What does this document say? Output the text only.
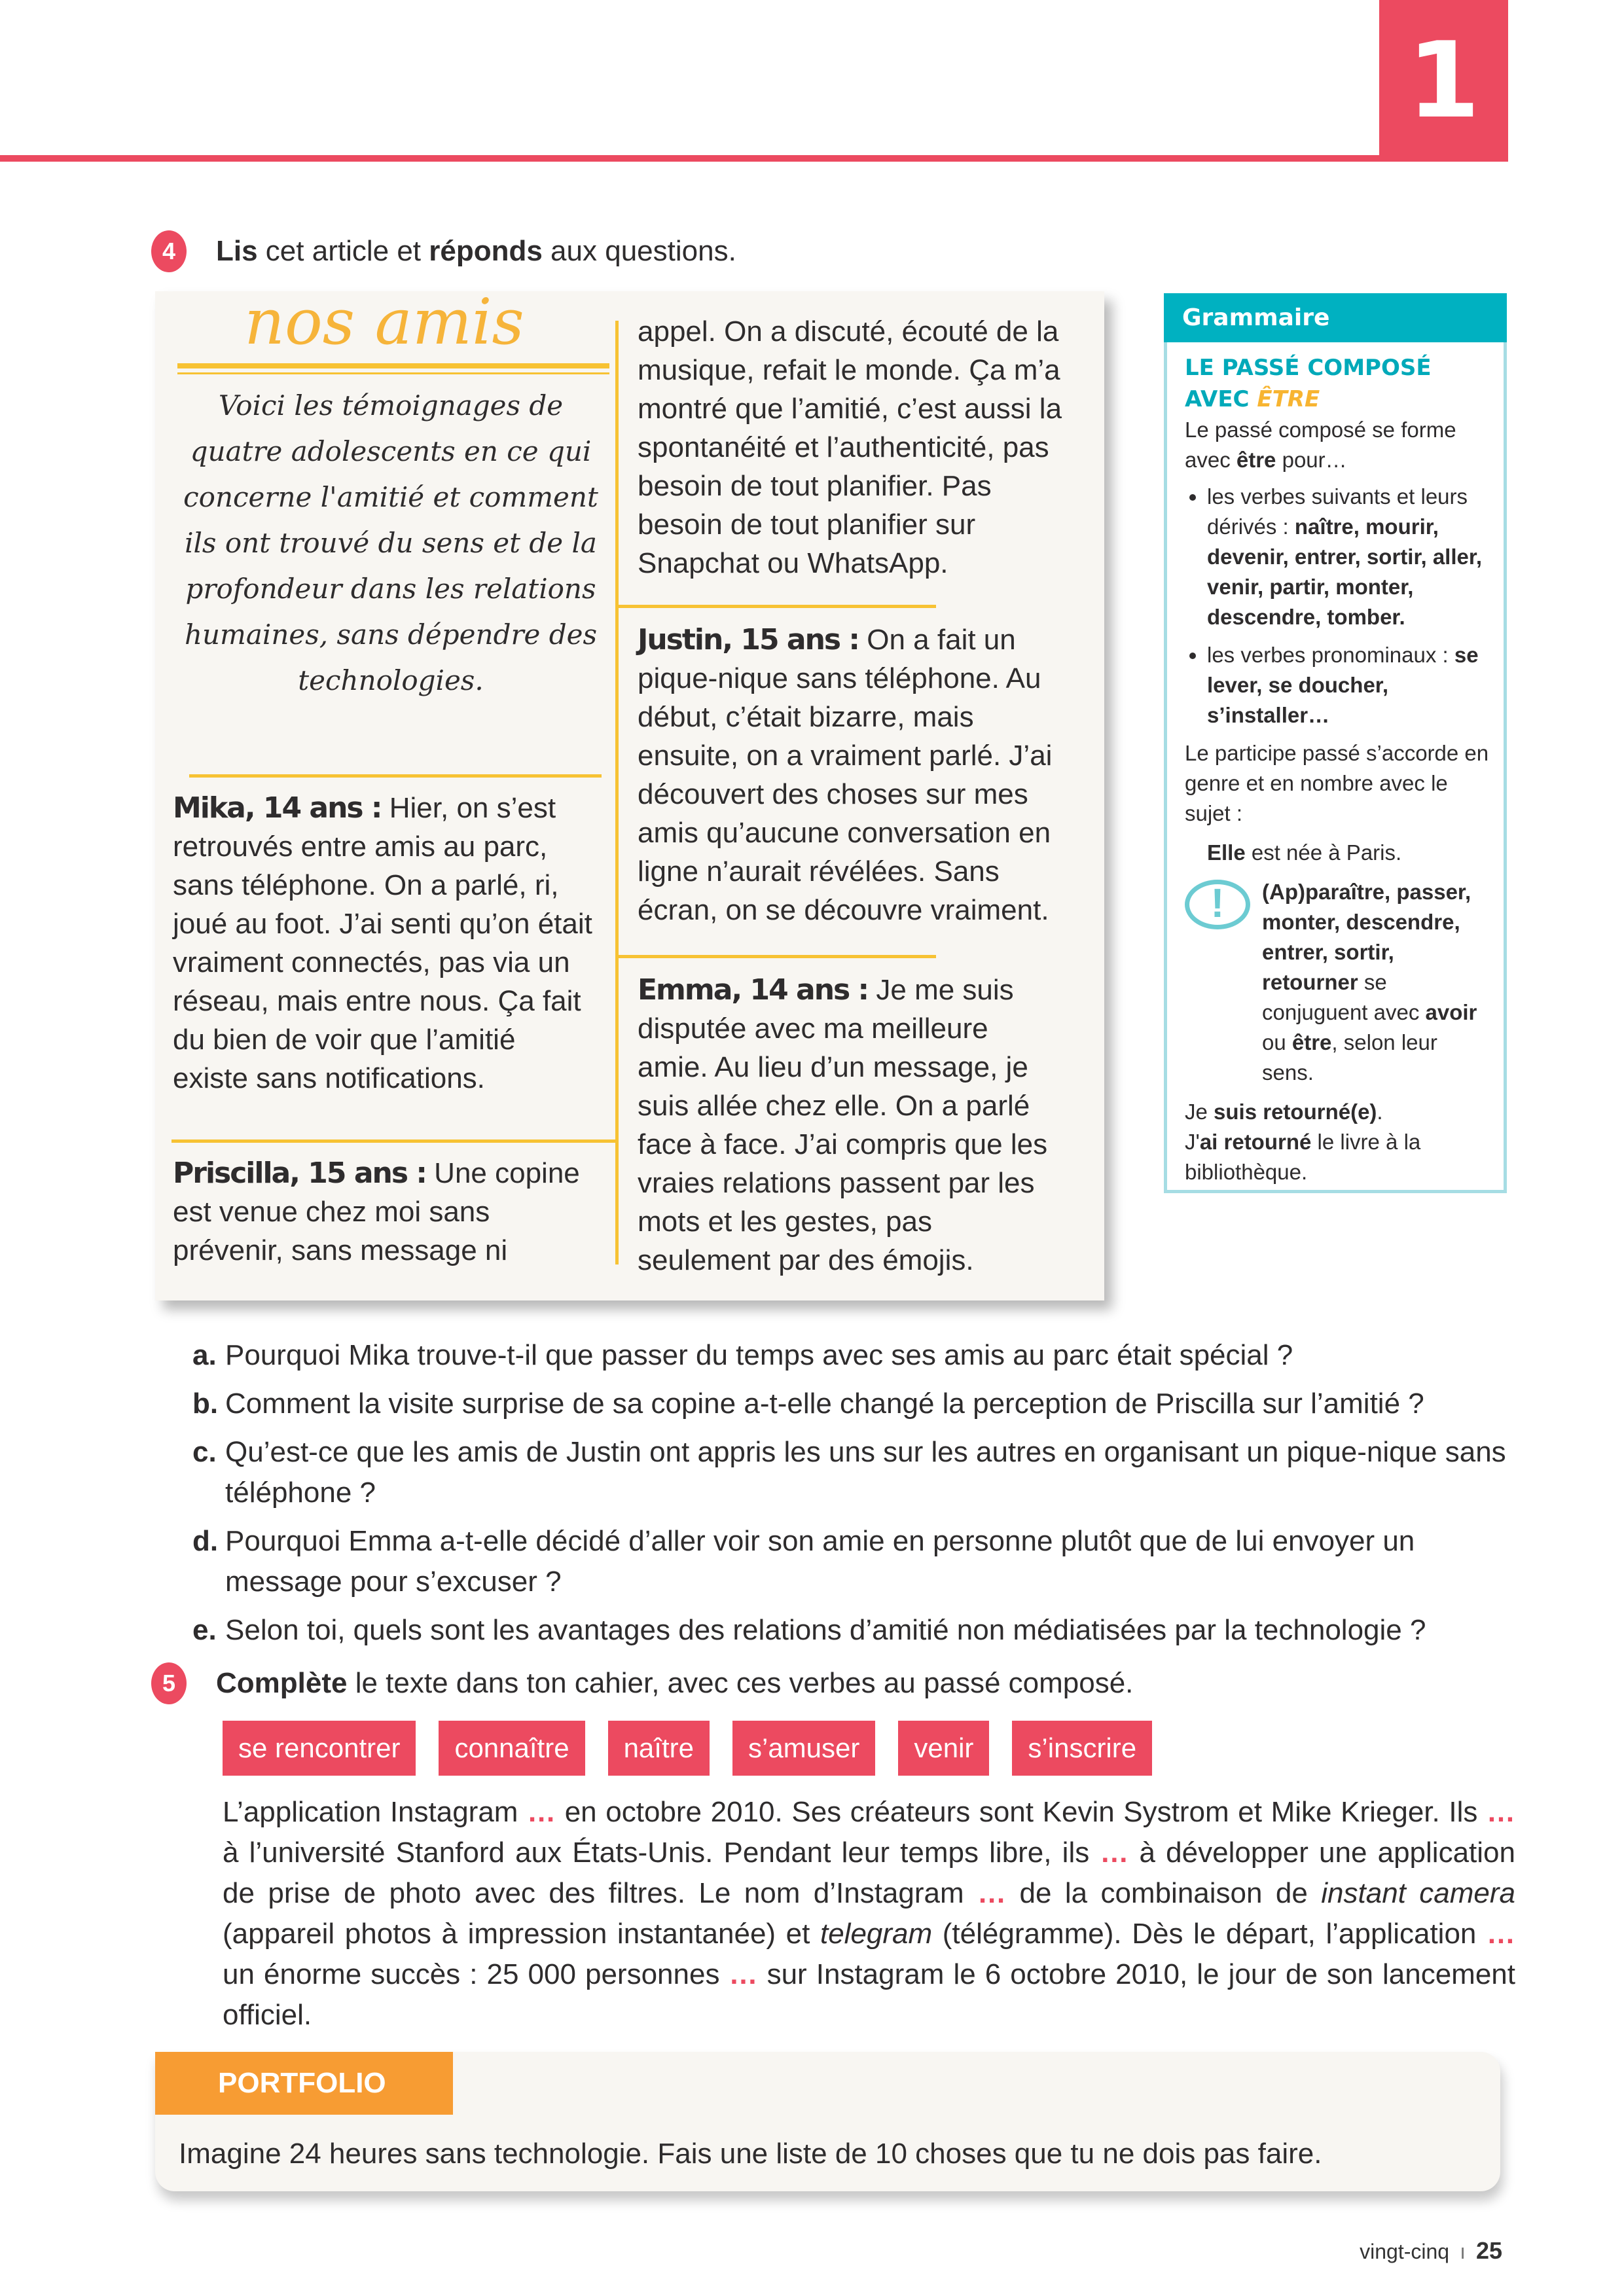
1
4 Lis cet article et réponds aux questions.
nos amis
Voici les témoignages de quatre adolescents en ce qui concerne l'amitié et comment ils ont trouvé du sens et de la profondeur dans les relations humaines, sans dépendre des technologies.
Mika, 14 ans : Hier, on s’est retrouvés entre amis au parc, sans téléphone. On a parlé, ri, joué au foot. J’ai senti qu’on était vraiment connectés, pas via un réseau, mais entre nous. Ça fait du bien de voir que l’amitié existe sans notifications.
Priscilla, 15 ans : Une copine est venue chez moi sans prévenir, sans message ni
appel. On a discuté, écouté de la musique, refait le monde. Ça m’a montré que l’amitié, c’est aussi la spontanéité et l’authenticité, pas besoin de tout planifier. Pas besoin de tout planifier sur Snapchat ou WhatsApp.
Justin, 15 ans : On a fait un pique-nique sans téléphone. Au début, c’était bizarre, mais ensuite, on a vraiment parlé. J’ai découvert des choses sur mes amis qu’aucune conversation en ligne n’aurait révélées. Sans écran, on se découvre vraiment.
Emma, 14 ans : Je me suis disputée avec ma meilleure amie. Au lieu d’un message, je suis allée chez elle. On a parlé face à face. J’ai compris que les vraies relations passent par les mots et les gestes, pas seulement par des émojis.
Grammaire
LE PASSÉ COMPOSÉ
AVEC ÊTRE
Le passé composé se forme avec être pour…
• les verbes suivants et leurs dérivés : naître, mourir, devenir, entrer, sortir, aller, venir, partir, monter, descendre, tomber.
• les verbes pronominaux : se lever, se doucher, s’installer…
Le participe passé s’accorde en genre et en nombre avec le sujet :
Elle est née à Paris.
!	(Ap)paraître, passer, monter, descendre, entrer, sortir, retourner se conjuguent avec avoir ou être, selon leur sens.
Je suis retourné(e).
J'ai retourné le livre à la bibliothèque.
a. Pourquoi Mika trouve-t-il que passer du temps avec ses amis au parc était spécial ?
b. Comment la visite surprise de sa copine a-t-elle changé la perception de Priscilla sur l’amitié ?
c. Qu’est-ce que les amis de Justin ont appris les uns sur les autres en organisant un pique-nique sans téléphone ?
d. Pourquoi Emma a-t-elle décidé d’aller voir son amie en personne plutôt que de lui envoyer un message pour s’excuser ?
e. Selon toi, quels sont les avantages des relations d’amitié non médiatisées par la technologie ?
5 Complète le texte dans ton cahier, avec ces verbes au passé composé.
se rencontrer	connaître	naître	s’amuser	venir	s’inscrire
L’application Instagram … en octobre 2010. Ses créateurs sont Kevin Systrom et Mike Krieger. Ils … à l’université Stanford aux États-Unis. Pendant leur temps libre, ils … à développer une application de prise de photo avec des filtres. Le nom d’Instagram … de la combinaison de instant camera (appareil photos à impression instantanée) et telegram (télégramme). Dès le départ, l’application … un énorme succès : 25 000 personnes … sur Instagram le 6 octobre 2010, le jour de son lancement officiel.
PORTFOLIO
Imagine 24 heures sans technologie. Fais une liste de 10 choses que tu ne dois pas faire.
vingt-cinq ı 25
